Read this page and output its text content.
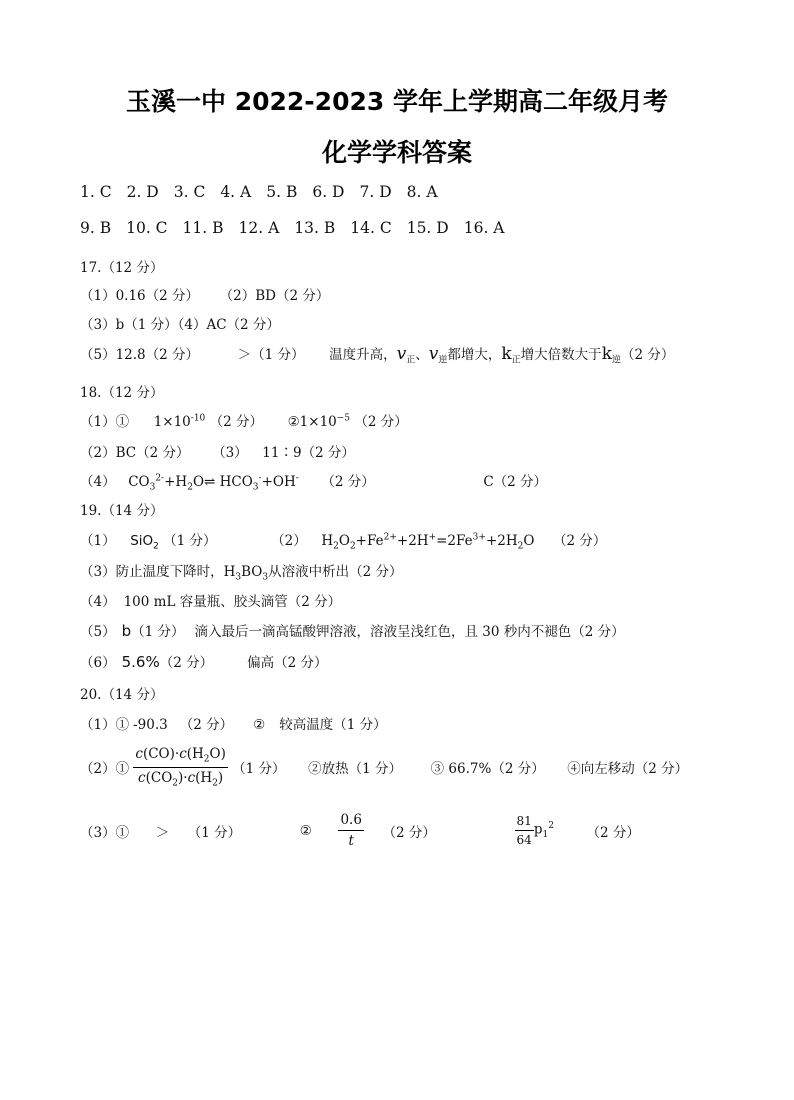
玉溪一中 2022-2023 学年上学期高二年级月考
化学学科答案
1. C 2. D 3. C 4. A 5. B 6. D 7. D 8. A
9. B 10. C 11. B 12. A 13. B 14. C 15. D 16. A
17.（12 分）
（1）0.16（2 分） （2）BD（2 分）
（3）b（1 分）（4）AC（2 分）
（5）12.8（2 分）	＞（1 分） 温度升高，$v_正$、$v_逆$都增大，$k_正$增大倍数大于$k_逆(2$ 分）
18.（12 分）
（1）① $1\times 10^{-10}$ （2 分） $②1\times 10^{-5}$ （2 分）
（2）BC（2 分） （3） 11∶9（2 分）
（4） $CO_3^{2-}+H_2O\rightleftharpoons$ $HCO_3^-+OH^-$ （2 分）	C（2 分）
19.（14 分）
（1） SiO$_2$ （1 分）	（2） $H_2O_2+Fe^{2+}+2H^+=2Fe^{3+}+2H_2O$ （2 分）
（3）防止温度下降时，$H_3BO_3$从溶液中析出（2 分）
（4） 100 mL 容量瓶、胶头滴管（2 分）
（5） b（1 分） 滴入最后一滴高锰酸钾溶液，溶液呈浅红色，且 30 秒内不褪色（2 分）
（6） 5.6%（2 分）	偏高（2 分）
20.（14 分）
（1）① -90.3 （2 分） ② 较高温度（1 分）
（2）① $\frac{c(CO)\cdot c(H_2O)}{c(CO_2)\cdot c(H_2)} (1$ 分） ②放热（1 分） ③ 66.7%（2 分） ④向左移动（2 分）
（3）① ＞ （1 分）	② $\frac{0.6}{t} (2$ 分）	$\frac{81}{64} p_1^2$ （2 分）
